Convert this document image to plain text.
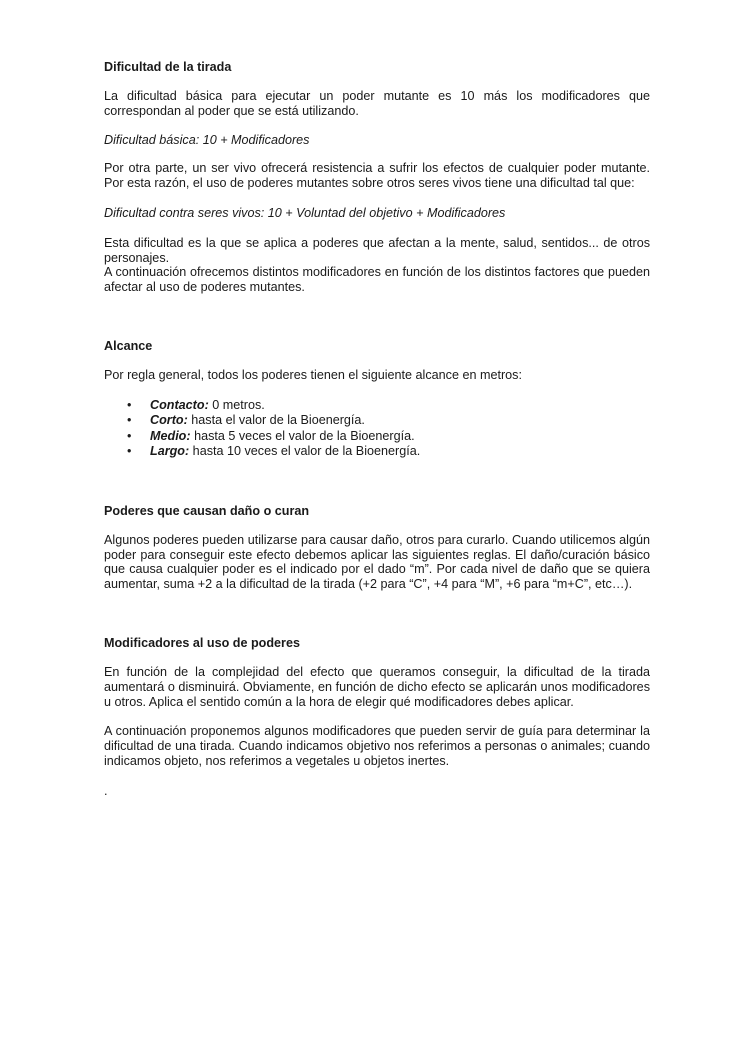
Dificultad de la tirada

La dificultad básica para ejecutar un poder mutante es 10 más los modificadores que correspondan al poder que se está utilizando.

Dificultad básica: 10 + Modificadores

Por otra parte, un ser vivo ofrecerá resistencia a sufrir los efectos de cualquier poder mutante. Por esta razón, el uso de poderes mutantes sobre otros seres vivos tiene una dificultad tal que:

Dificultad contra seres vivos: 10 + Voluntad del objetivo + Modificadores

Esta dificultad es la que se aplica a poderes que afectan a la mente, salud, sentidos... de otros personajes.

A continuación ofrecemos distintos modificadores en función de los distintos factores que pueden afectar al uso de poderes mutantes.

Alcance

Por regla general, todos los poderes tienen el siguiente alcance en metros:

• Contacto: 0 metros.
• Corto: hasta el valor de la Bioenergía.
• Medio: hasta 5 veces el valor de la Bioenergía.
• Largo: hasta 10 veces el valor de la Bioenergía.
Poderes que causan daño o curan

Algunos poderes pueden utilizarse para causar daño, otros para curarlo. Cuando utilicemos algún poder para conseguir este efecto debemos aplicar las siguientes reglas. El daño/curación básico que causa cualquier poder es el indicado por el dado “m”. Por cada nivel de daño que se quiera aumentar, suma +2 a la dificultad de la tirada (+2 para “C”, +4 para “M”, +6 para “m+C”, etc…).

Modificadores al uso de poderes

En función de la complejidad del efecto que queramos conseguir, la dificultad de la tirada aumentará o disminuirá. Obviamente, en función de dicho efecto se aplicarán unos modificadores u otros. Aplica el sentido común a la hora de elegir qué modificadores debes aplicar.

A continuación proponemos algunos modificadores que pueden servir de guía para determinar la dificultad de una tirada. Cuando indicamos objetivo nos referimos a personas o animales; cuando indicamos objeto, nos referimos a vegetales u objetos inertes.

.
